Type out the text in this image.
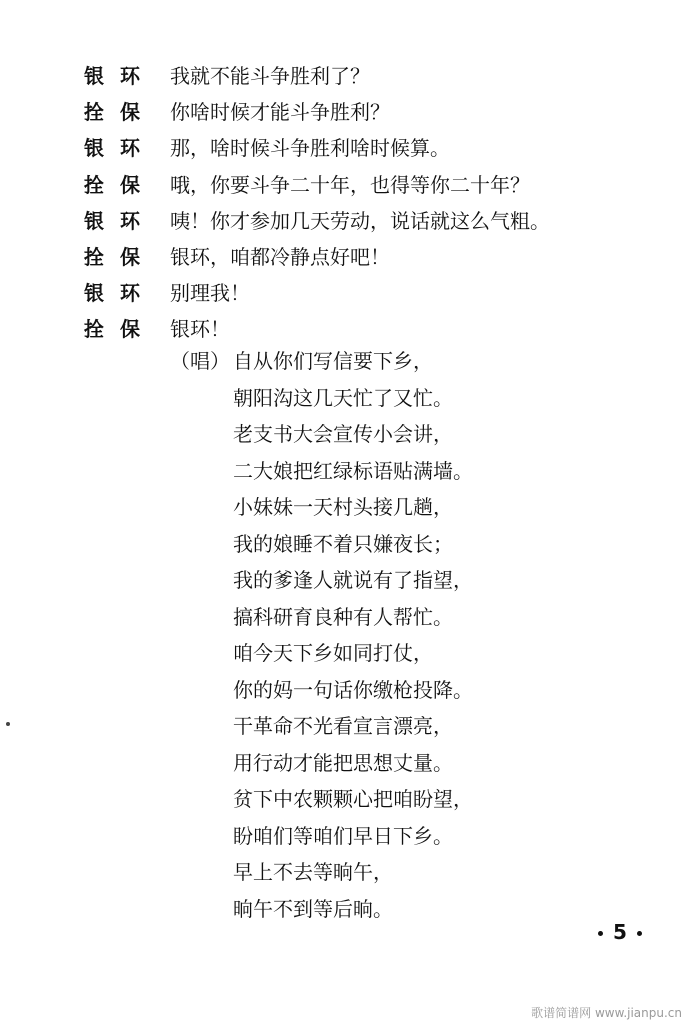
银环 我就不能斗争胜利了？
拴保 你啥时候才能斗争胜利？
银环 那，啥时候斗争胜利啥时候算。
拴保 哦，你要斗争二十年，也得等你二十年？
银环 咦！你才参加几天劳动，说话就这么气粗。
拴保 银环，咱都冷静点好吧！
银环 别理我！
拴保 银环！
（唱） 自从你们写信要下乡，
朝阳沟这几天忙了又忙。
老支书大会宣传小会讲，
二大娘把红绿标语贴满墙。
小妹妹一天村头接几趟，
我的娘睡不着只嫌夜长；
我的爹逢人就说有了指望，
搞科研育良种有人帮忙。
咱今天下乡如同打仗，
你的妈一句话你缴枪投降。
干革命不光看宣言漂亮，
用行动才能把思想丈量。
贫下中农颗颗心把咱盼望，
盼咱们等咱们早日下乡。
早上不去等晌午，
晌午不到等后晌。
5
歌谱简谱网 www.jianpu.cn
